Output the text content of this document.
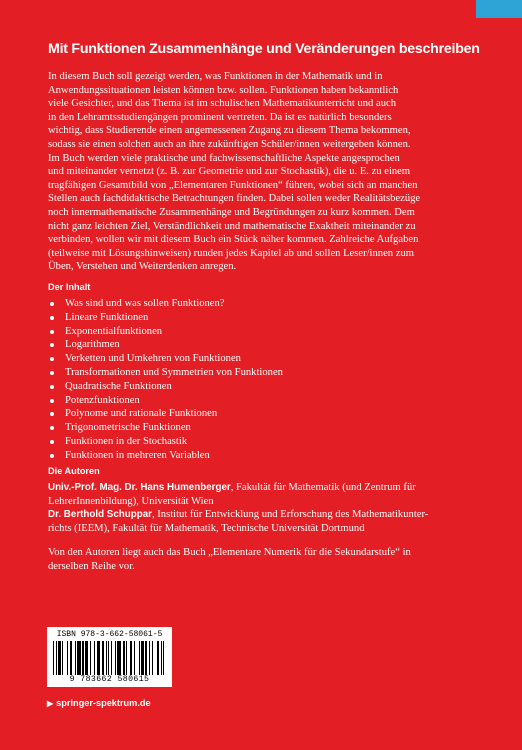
Mit Funktionen Zusammenhänge und Veränderungen beschreiben
In diesem Buch soll gezeigt werden, was Funktionen in der Mathematik und in
Anwendungssituationen leisten können bzw. sollen. Funktionen haben bekanntlich
viele Gesichter, und das Thema ist im schulischen Mathematikunterricht und auch
in den Lehramtsstudiengängen prominent vertreten. Da ist es natürlich besonders
wichtig, dass Studierende einen angemessenen Zugang zu diesem Thema bekommen,
sodass sie einen solchen auch an ihre zukünftigen Schüler/innen weitergeben können.
Im Buch werden viele praktische und fachwissenschaftliche Aspekte angesprochen
und miteinander vernetzt (z. B. zur Geometrie und zur Stochastik), die u. E. zu einem
tragfähigen Gesamtbild von „Elementaren Funktionen“ führen, wobei sich an manchen
Stellen auch fachdidaktische Betrachtungen finden. Dabei sollen weder Realitätsbezüge
noch innermathematische Zusammenhänge und Begründungen zu kurz kommen. Dem
nicht ganz leichten Ziel, Verständlichkeit und mathematische Exaktheit miteinander zu
verbinden, wollen wir mit diesem Buch ein Stück näher kommen. Zahlreiche Aufgaben
(teilweise mit Lösungshinweisen) runden jedes Kapitel ab und sollen Leser/innen zum
Üben, Verstehen und Weiterdenken anregen.
Der Inhalt
Was sind und was sollen Funktionen?
Lineare Funktionen
Exponentialfunktionen
Logarithmen
Verketten und Umkehren von Funktionen
Transformationen und Symmetrien von Funktionen
Quadratische Funktionen
Potenzfunktionen
Polynome und rationale Funktionen
Trigonometrische Funktionen
Funktionen in der Stochastik
Funktionen in mehreren Variablen
Die Autoren
Univ.-Prof. Mag. Dr. Hans Humenberger, Fakultät für Mathematik (und Zentrum für
LehrerInnenbildung), Universität Wien
Dr. Berthold Schuppar, Institut für Entwicklung und Erforschung des Mathematikunter-
richts (IEEM), Fakultät für Mathematik, Technische Universität Dortmund
Von den Autoren liegt auch das Buch „Elementare Numerik für die Sekundarstufe“ in
derselben Reihe vor.
ISBN 978-3-662-58061-5
9 783662 580615
▶ springer-spektrum.de
